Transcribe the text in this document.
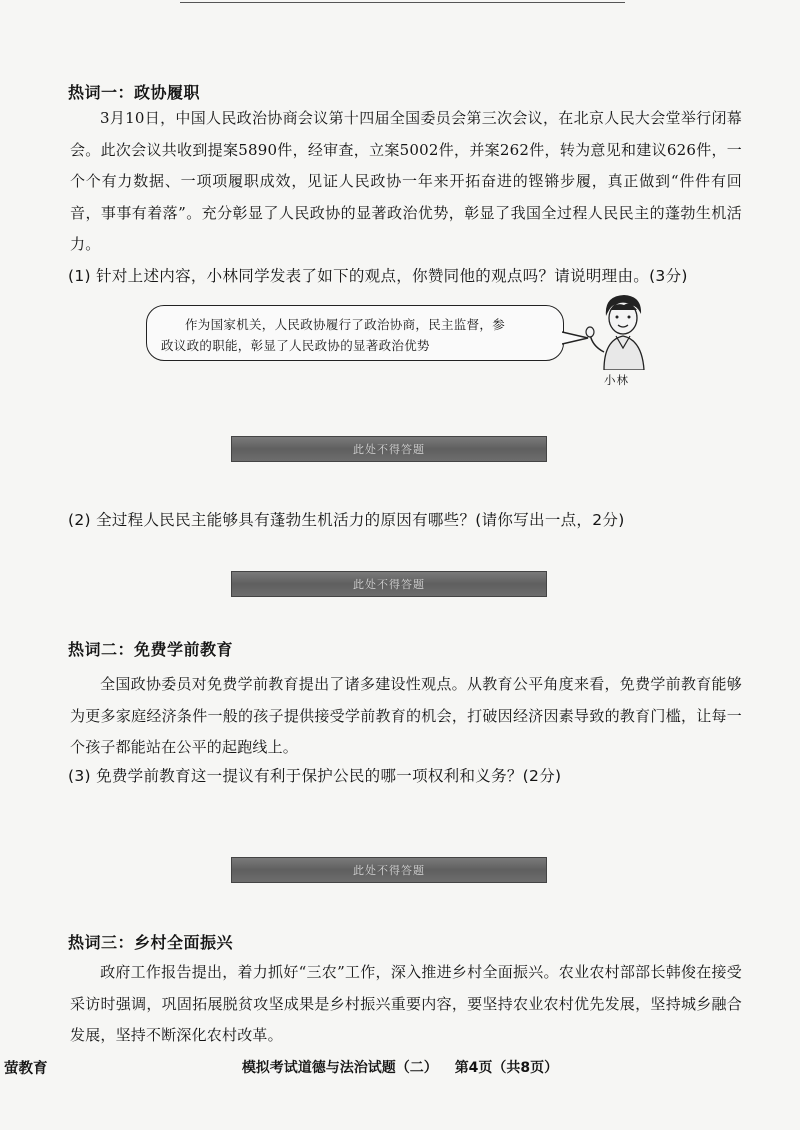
热词一：政协履职

3月10日，中国人民政治协商会议第十四届全国委员会第三次会议，在北京人民大会堂举行闭幕会。此次会议共收到提案5890件，经审查，立案5002件，并案262件，转为意见和建议626件，一个个有力数据、一项项履职成效，见证人民政协一年来开拓奋进的铿锵步履，真正做到“件件有回音，事事有着落”。充分彰显了人民政协的显著政治优势，彰显了我国全过程人民民主的蓬勃生机活力。

(1) 针对上述内容，小林同学发表了如下的观点，你赞同他的观点吗？请说明理由。(3分)
作为国家机关，人民政协履行了政治协商，民主监督，参
政议政的职能，彰显了人民政协的显著政治优势
小林
此处不得答题
(2) 全过程人民民主能够具有蓬勃生机活力的原因有哪些？(请你写出一点，2分)
此处不得答题
热词二：免费学前教育

全国政协委员对免费学前教育提出了诸多建设性观点。从教育公平角度来看，免费学前教育能够为更多家庭经济条件一般的孩子提供接受学前教育的机会，打破因经济因素导致的教育门槛，让每一个孩子都能站在公平的起跑线上。

(3) 免费学前教育这一提议有利于保护公民的哪一项权利和义务？(2分)
此处不得答题
热词三：乡村全面振兴

政府工作报告提出，着力抓好“三农”工作，深入推进乡村全面振兴。农业农村部部长韩俊在接受采访时强调，巩固拓展脱贫攻坚成果是乡村振兴重要内容，要坚持农业农村优先发展，坚持城乡融合发展，坚持不断深化农村改革。

萤教育	模拟考试道德与法治试题（二） 第4页（共8页）
